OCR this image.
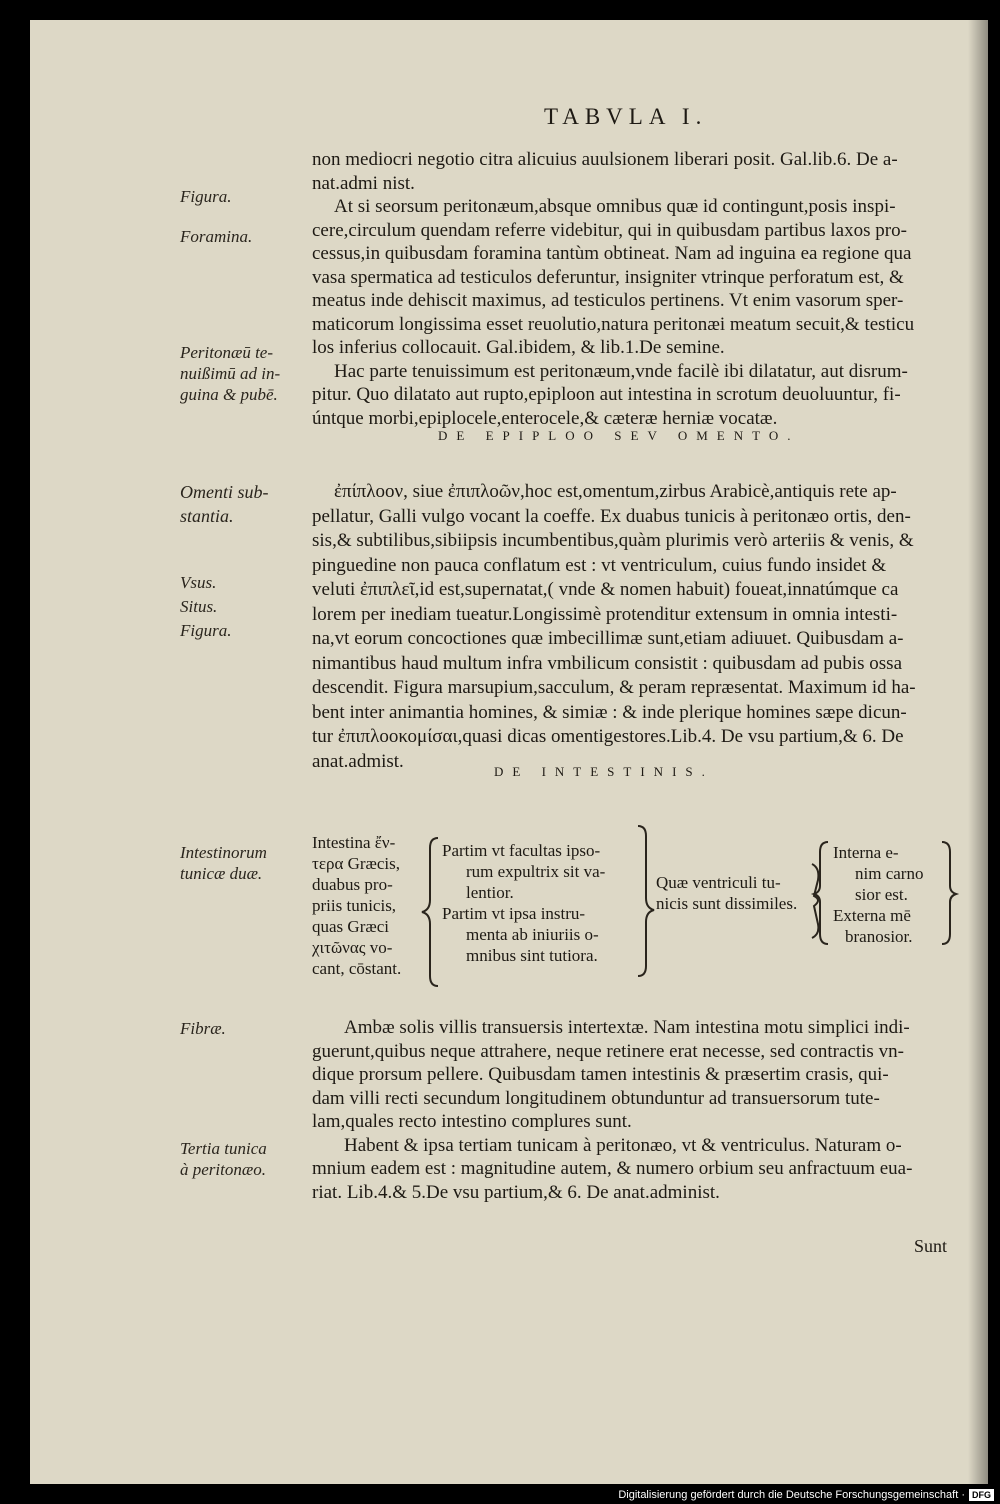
TABVLA I.
non mediocri negotio citra alicuius auulsionem liberari posit. Gal.lib.6. De a-
nat.admi nist.
At si seorsum peritonæum,absque omnibus quæ id contingunt,posis inspi-
cere,circulum quendam referre videbitur, qui in quibusdam partibus laxos pro-
cessus,in quibusdam foramina tantùm obtineat. Nam ad inguina ea regione qua
vasa spermatica ad testiculos deferuntur, insigniter vtrinque perforatum est, &
meatus inde dehiscit maximus, ad testiculos pertinens. Vt enim vasorum sper-
maticorum longissima esset reuolutio,natura peritonæi meatum secuit,& testicu
los inferius collocauit. Gal.ibidem, & lib.1.De semine.
Hac parte tenuissimum est peritonæum,vnde facilè ibi dilatatur, aut disrum-
pitur. Quo dilatato aut rupto,epiploon aut intestina in scrotum deuoluuntur, fi-
úntque morbi,epiplocele,enterocele,& cæteræ herniæ vocatæ.
DE EPIPLOO SEV OMENTO.
ἐπίπλοον, siue ἐπιπλοῶν,hoc est,omentum,zirbus Arabicè,antiquis rete ap-
pellatur, Galli vulgo vocant la coeffe. Ex duabus tunicis à peritonæo ortis, den-
sis,& subtilibus,sibiipsis incumbentibus,quàm plurimis verò arteriis & venis, &
pinguedine non pauca conflatum est : vt ventriculum, cuius fundo insidet &
veluti ἐπιπλεῖ,id est,supernatat,( vnde & nomen habuit) foueat,innatúmque ca
lorem per inediam tueatur.Longissimè protenditur extensum in omnia intesti-
na,vt eorum concoctiones quæ imbecillimæ sunt,etiam adiuuet. Quibusdam a-
nimantibus haud multum infra vmbilicum consistit : quibusdam ad pubis ossa
descendit. Figura marsupium,sacculum, & peram repræsentat. Maximum id ha-
bent inter animantia homines, & simiæ : & inde plerique homines sæpe dicun-
tur ἐπιπλοοκομίσαι,quasi dicas omentigestores.Lib.4. De vsu partium,& 6. De
anat.admist.	DE INTESTINIS.
Intestina ἔν-
τερα Græcis,
duabus pro-
priis tunicis,
quas Græci
χιτῶνας vo-
cant, cōstant.
Partim vt facultas ipso-
rum expultrix sit va-
lentior.
Partim vt ipsa instru-
menta ab iniuriis o-
mnibus sint tutiora.
Quæ ventriculi tu-
nicis sunt dissimiles.
Interna e-
nim carno
sior est.
Externa mē
branosior.
Ambæ solis villis transuersis intertextæ. Nam intestina motu simplici indi-
guerunt,quibus neque attrahere, neque retinere erat necesse, sed contractis vn-
dique prorsum pellere. Quibusdam tamen intestinis & præsertim crasis, qui-
dam villi recti secundum longitudinem obtunduntur ad transuersorum tute-
lam,quales recto intestino complures sunt.
Habent & ipsa tertiam tunicam à peritonæo, vt & ventriculus. Naturam o-
mnium eadem est : magnitudine autem, & numero orbium seu anfractuum eua-
riat. Lib.4.& 5.De vsu partium,& 6. De anat.administ.
Sunt
Figura.
Foramina.
Peritonæū te-
nuißimū ad in-
guina & pubē.
Omenti sub-
stantia.
Vsus.
Situs.
Figura.
Intestinorum
tunicæ duæ.
Fibræ.
Tertia tunica
à peritonæo.
Digitalisierung gefördert durch die Deutsche Forschungsgemeinschaft · DFG
